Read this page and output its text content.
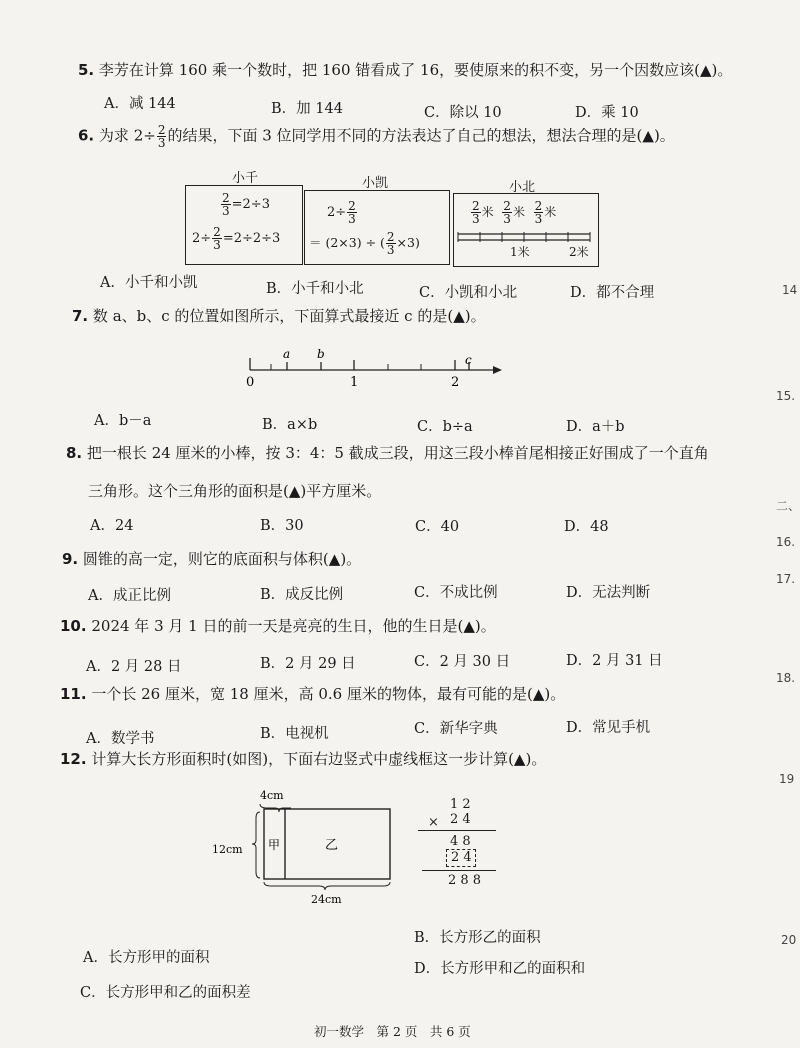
14
15.
二、
16.
17.
18.
19
20
5. 李芳在计算 160 乘一个数时，把 160 错看成了 16，要使原来的积不变，另一个因数应该(▲)。
A．减 144	B．加 144	C．除以 10	D．乘 10
6. 为求 $2\div \frac{2}{3}$ 的结果，下面 3 位同学用不同的方法表达了自己的想法，想法合理的是(▲)。
小千	小凯	小北
$\frac{2}{3} =2\div 3$
$2\div \frac{2}{3} =2\div 2\div 3$
$2\div \frac{2}{3}$
＝ (2×3) ÷ ( $\frac{2}{3} \times 3$)
$\frac{2}{3}$ 米 $\frac{2}{3}$ 米 $\frac{2}{3}$ 米
1米	2米
A．小千和小凯	B．小千和小北	C．小凯和小北	D．都不合理
7. 数 a、b、c 的位置如图所示，下面算式最接近 c 的是(▲)。
a b	c
0	1	2
A．b－a	B．a×b	C．b÷a	D．a＋b
8. 把一根长 24 厘米的小棒，按 3：4：5 截成三段，用这三段小棒首尾相接正好围成了一个直角
三角形。这个三角形的面积是(▲)平方厘米。
A．24	B．30	C．40	D．48
9. 圆锥的高一定，则它的底面积与体积(▲)。
A．成正比例	B．成反比例	C．不成比例	D．无法判断
10. 2024 年 3 月 1 日的前一天是亮亮的生日，他的生日是(▲)。
A．2 月 28 日	B．2 月 29 日	C．2 月 30 日	D．2 月 31 日
11. 一个长 26 厘米，宽 18 厘米，高 0.6 厘米的物体，最有可能的是(▲)。
A．数学书	B．电视机	C．新华字典	D．常见手机
12. 计算大长方形面积时(如图)，下面右边竖式中虚线框这一步计算(▲)。
4cm
12cm 甲	乙
24cm
1 2
× 2 4
4 8
2 4
2 8 8
B．长方形乙的面积
A．长方形甲的面积
D．长方形甲和乙的面积和
C．长方形甲和乙的面积差
初一数学　第 2 页　共 6 页
